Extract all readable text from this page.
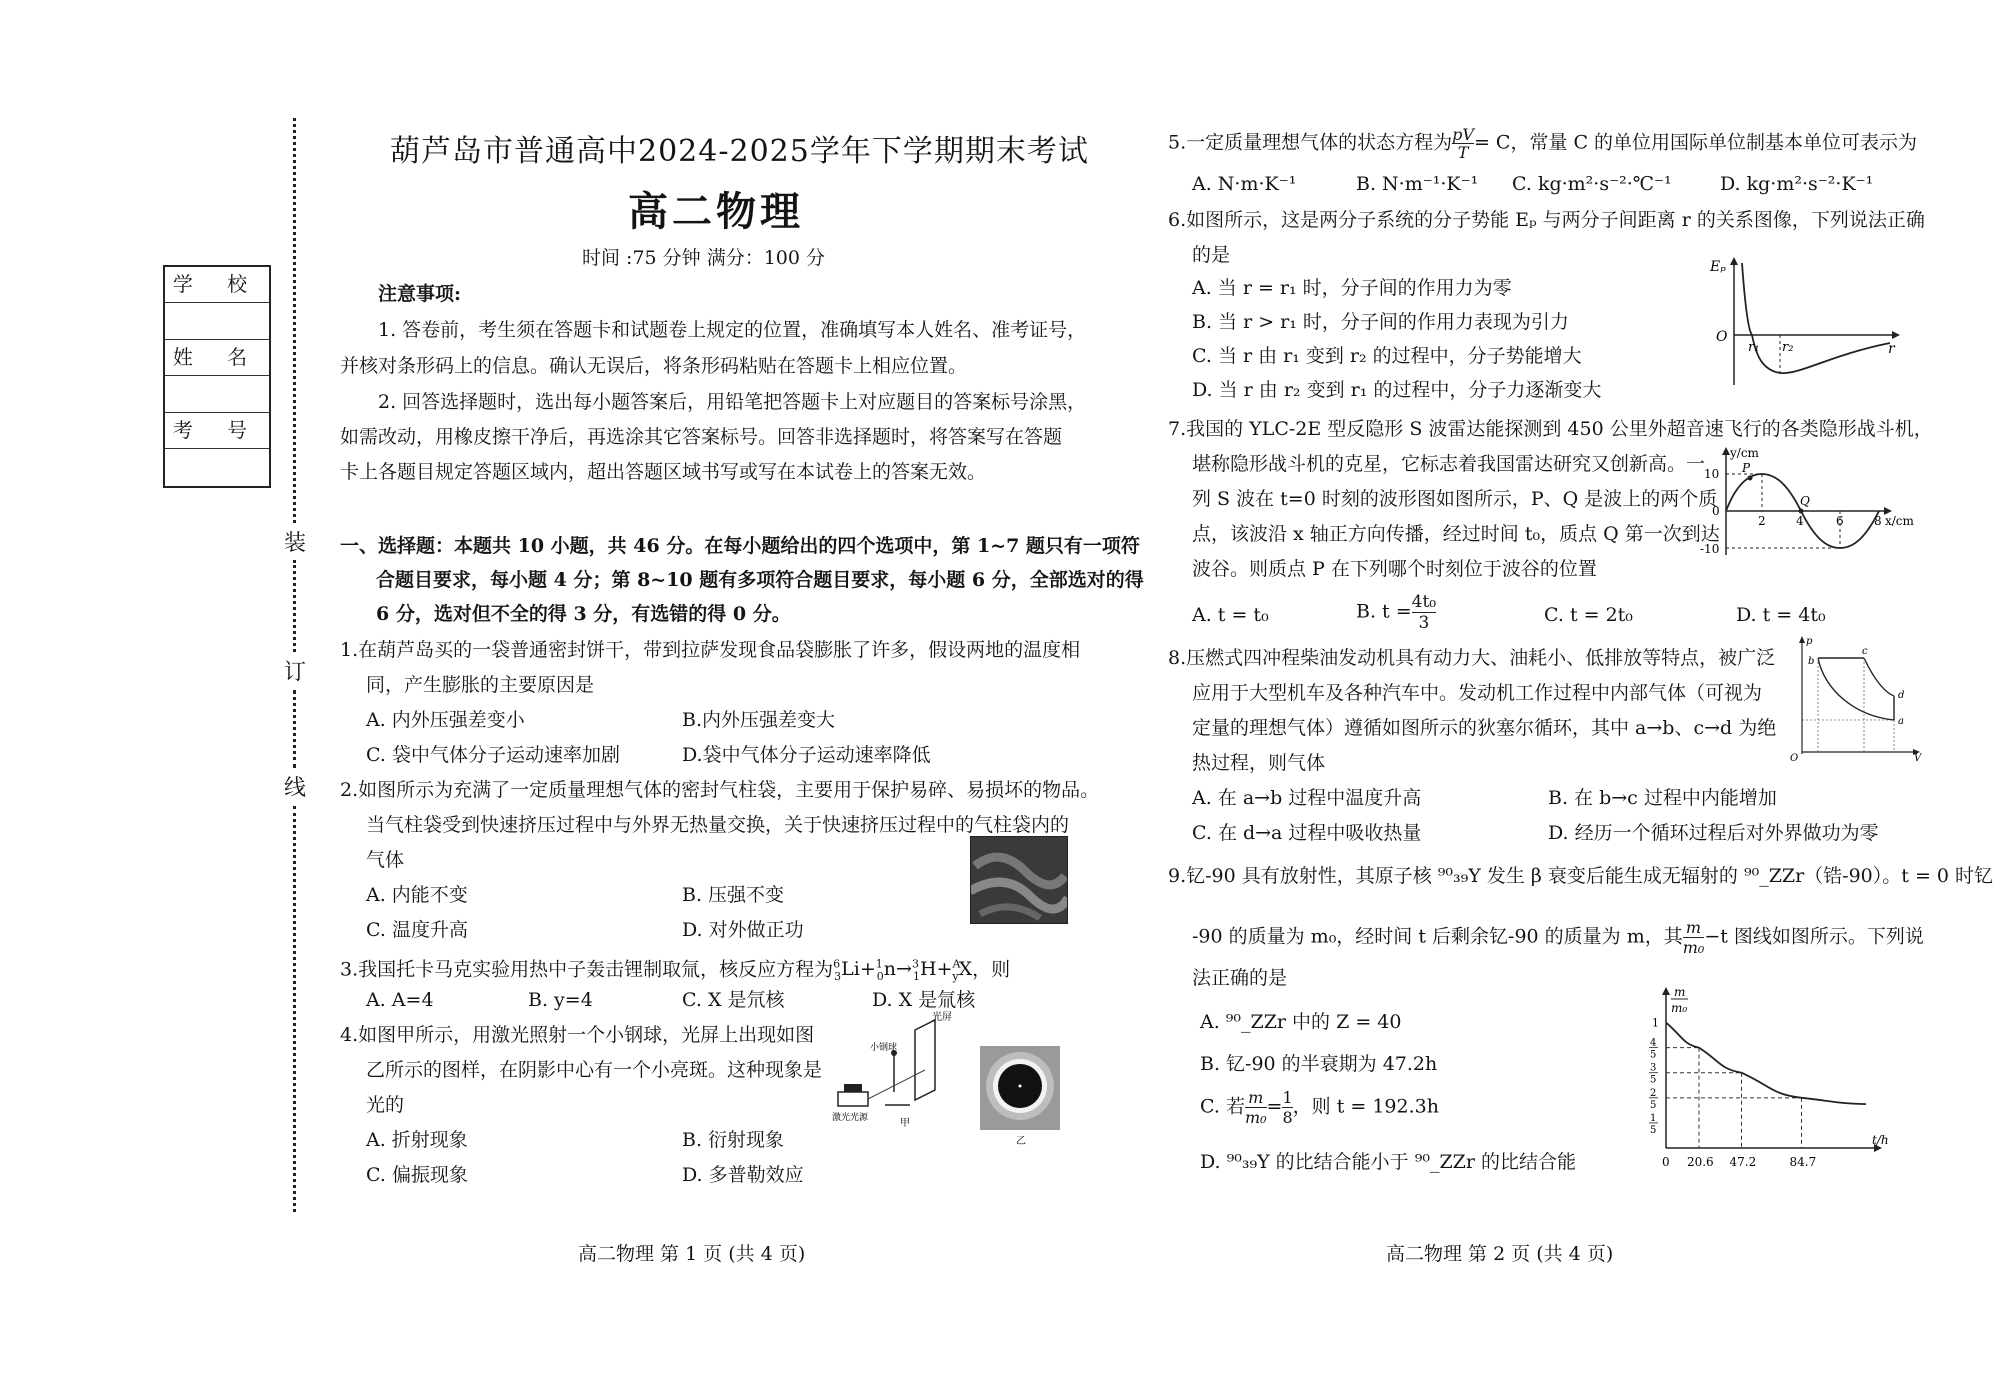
装
订
线
学 校
姓 名
考 号
葫芦岛市普通高中2024-2025学年下学期期末考试
高二物理
时间 :75 分钟 满分：100 分
注意事项:
1. 答卷前，考生须在答题卡和试题卷上规定的位置，准确填写本人姓名、准考证号，
并核对条形码上的信息。确认无误后，将条形码粘贴在答题卡上相应位置。
2. 回答选择题时，选出每小题答案后，用铅笔把答题卡上对应题目的答案标号涂黑，
如需改动，用橡皮擦干净后，再选涂其它答案标号。回答非选择题时，将答案写在答题
卡上各题目规定答题区域内，超出答题区域书写或写在本试卷上的答案无效。
一、选择题：本题共 10 小题，共 46 分。在每小题给出的四个选项中，第 1~7 题只有一项符
合题目要求，每小题 4 分；第 8~10 题有多项符合题目要求，每小题 6 分，全部选对的得
6 分，选对但不全的得 3 分，有选错的得 0 分。
1.在葫芦岛买的一袋普通密封饼干，带到拉萨发现食品袋膨胀了许多，假设两地的温度相
同，产生膨胀的主要原因是
A. 内外压强差变小	B.内外压强差变大
C. 袋中气体分子运动速率加剧	D.袋中气体分子运动速率降低
2.如图所示为充满了一定质量理想气体的密封气柱袋，主要用于保护易碎、易损坏的物品。
当气柱袋受到快速挤压过程中与外界无热量交换，关于快速挤压过程中的气柱袋内的
气体
A. 内能不变	B. 压强不变
C. 温度升高	D. 对外做正功
3.我国托卡马克实验用热中子轰击锂制取氚，核反应方程为$^6_3$Li+$^1_0$n→$^3_1$H+$^A_y$X，则
A. A=4	B. y=4	C. X 是氘核	D. X 是氚核
4.如图甲所示，用激光照射一个小钢球，光屏上出现如图
乙所示的图样，在阴影中心有一个小亮斑。这种现象是
光的
A. 折射现象	B. 衍射现象
C. 偏振现象	D. 多普勒效应
光屏
小钢球
激光光源	甲
乙
高二物理 第 1 页 (共 4 页)
5.一定质量理想气体的状态方程为 $\frac{pV}{T} = C$，常量 C 的单位用国际单位制基本单位可表示为
A. N·m·K⁻¹	B. N·m⁻¹·K⁻¹ C. kg·m²·s⁻²·℃⁻¹	D. kg·m²·s⁻²·K⁻¹
6.如图所示，这是两分子系统的分子势能 Eₚ 与两分子间距离 r 的关系图像，下列说法正确
的是
A. 当 r = r₁ 时，分子间的作用力为零
B. 当 r > r₁ 时，分子间的作用力表现为引力
C. 当 r 由 r₁ 变到 r₂ 的过程中，分子势能增大
D. 当 r 由 r₂ 变到 r₁ 的过程中，分子力逐渐变大
Eₚ
r
O
r₁ r₂
7.我国的 YLC-2E 型反隐形 S 波雷达能探测到 450 公里外超音速飞行的各类隐形战斗机，
堪称隐形战斗机的克星，它标志着我国雷达研究又创新高。一
列 S 波在 t=0 时刻的波形图如图所示，P、Q 是波上的两个质
点，该波沿 x 轴正方向传播，经过时间 t₀，质点 Q 第一次到达
波谷。则质点 P 在下列哪个时刻位于波谷的位置
A. t = t₀	B. $t = \frac{\text{4t₀}}{3}$	C. t = 2t₀	D. t = 4t₀
y/cm
x/cm
10
0
-10
P
Q
2	4	6	8
8.压燃式四冲程柴油发动机具有动力大、油耗小、低排放等特点，被广泛
应用于大型机车及各种汽车中。发动机工作过程中内部气体（可视为
定量的理想气体）遵循如图所示的狄塞尔循环，其中 a→b、c→d 为绝
热过程，则气体
A. 在 a→b 过程中温度升高	B. 在 b→c 过程中内能增加
C. 在 d→a 过程中吸收热量	D. 经历一个循环过程后对外界做功为零
p
V
O
a
b
c
d
9.钇-90 具有放射性，其原子核 ⁹⁰₃₉Y 发生 β 衰变后能生成无辐射的 ⁹⁰_ZZr（锆-90）。t = 0 时钇
-90 的质量为 m₀，经时间 t 后剩余钇-90 的质量为 m，其 $\frac{m}{\text{m₀}} -t$ 图线如图所示。下列说
法正确的是
A. ⁹⁰_ZZr 中的 Z = 40
B. 钇-90 的半衰期为 47.2h
C. 若 $\frac{m}{\text{m₀}} = \frac{1}{8}$ ，则 t = 192.3h
D. ⁹⁰₃₉Y 的比结合能小于 ⁹⁰_ZZr 的比结合能
m
m₀
t/h
1
4
5
3
5
2
5
1
5
0 20.6 47.2	84.7
高二物理 第 2 页 (共 4 页)
